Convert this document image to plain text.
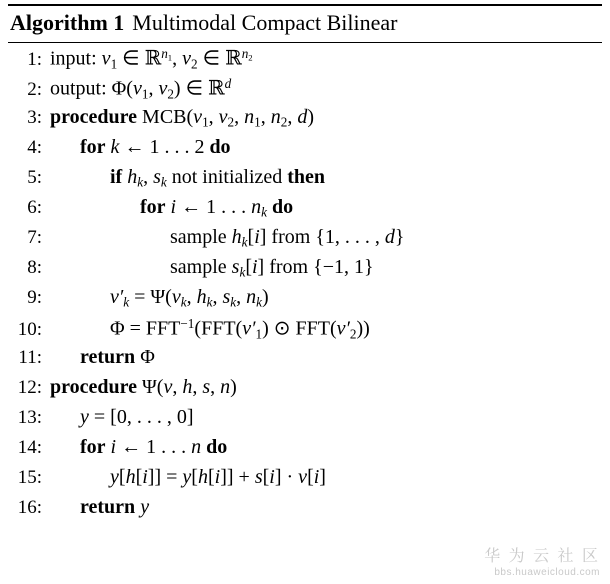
Algorithm 1 Multimodal Compact Bilinear
1: input: $v_1$ ∈ ℝ$^{n_1}$, $v_2$ ∈ ℝ$^{n_2}$
2: output: $\Phi(v_1$, $v_2$) ∈ ℝ$^d$
3: procedure $MCB(v_1$, $v_2$, $n_1$, $n_2$, d)
4:	for k ← 1 . . . 2 do
5:	if $h_k$, $s_k$ not initialized then
6:	for i ← 1 . . . $n_k$ do
7:	sample $h_k[i]$ from {1, . . . , d}
8:	sample $s_k[i]$ from {−1, 1}
9:	$v'_k = \Psi(v_k$, $h_k$, $s_k$, $n_k$)
10:	$\Phi = FFT^{-1}(FFT(v'_1)$ ⊙ $FFT(v'_2)$)
11:	return Φ
12: procedure Ψ(v, h, s, n)
13:	y = [0, . . . , 0]
14:	for i ← 1 . . . n do
15:	y[h[i]] = y[h[i]] + s[i] · v[i]
16:	return y
华 为 云 社 区
bbs.huaweicloud.com
